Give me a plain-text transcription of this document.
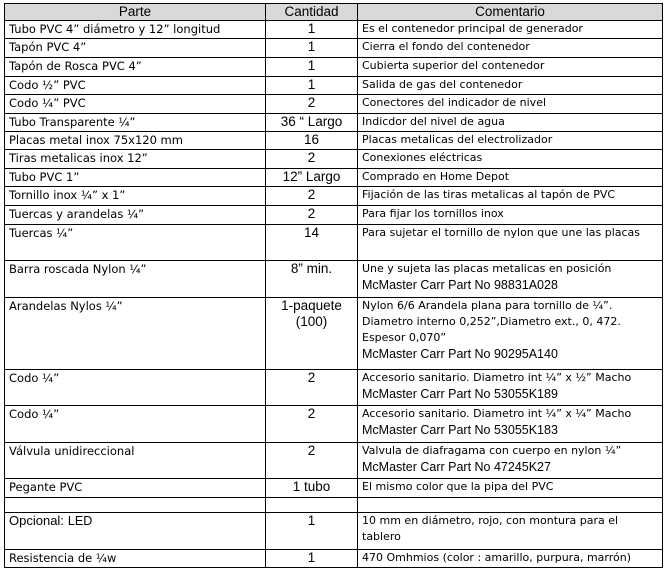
Parte	Cantidad	Comentario
Tubo PVC 4” diámetro y 12” longitud	1	Es el contenedor principal de generador
Tapón PVC 4”	1	Cierra el fondo del contenedor
Tapón de Rosca PVC 4”	1	Cubierta superior del contenedor
Codo ½” PVC	1	Salida de gas del contenedor
Codo ¼” PVC	2	Conectores del indicador de nivel
Tubo Transparente ¼”	36 “ Largo	Indicdor del nivel de agua
Placas metal inox 75x120 mm	16	Placas metalicas del electrolizador
Tiras metalicas inox 12”	2	Conexiones eléctricas
Tubo PVC 1”	12” Largo	Comprado en Home Depot
Tornillo inox ¼” x 1”	2	Fijación de las tiras metalicas al tapón de PVC
Tuercas y arandelas ¼”	2	Para fijar los tornillos inox
Tuercas ¼”	14	Para sujetar el tornillo de nylon que une las placas
Barra roscada Nylon ¼”	8” min.	Une y sujeta las placas metalicas en posición
McMaster Carr Part No 98831A028

Arandelas Nylos ¼”	1-paquete (100)	Nylon 6/6 Arandela plana para tornillo de ¼”. Diametro interno 0,252”,Diametro ext., 0, 472. Espesor 0,070”
McMaster Carr Part No 90295A140

Codo ¼”	2	Accesorio sanitario. Diametro int ¼” x ½” Macho
McMaster Carr Part No 53055K189

Codo ¼”	2	Accesorio sanitario. Diametro int ¼” x ¼” Macho
McMaster Carr Part No 53055K183

Válvula unidireccional	2	Valvula de diafragama con cuerpo en nylon ¼”
McMaster Carr Part No 47245K27

Pegante PVC	1 tubo	El mismo color que la pipa del PVC

Opcional: LED	1	10 mm en diámetro, rojo, con montura para el tablero
Resistencia de ¼w	1	470 Omhmios (color : amarillo, purpura, marrón)
